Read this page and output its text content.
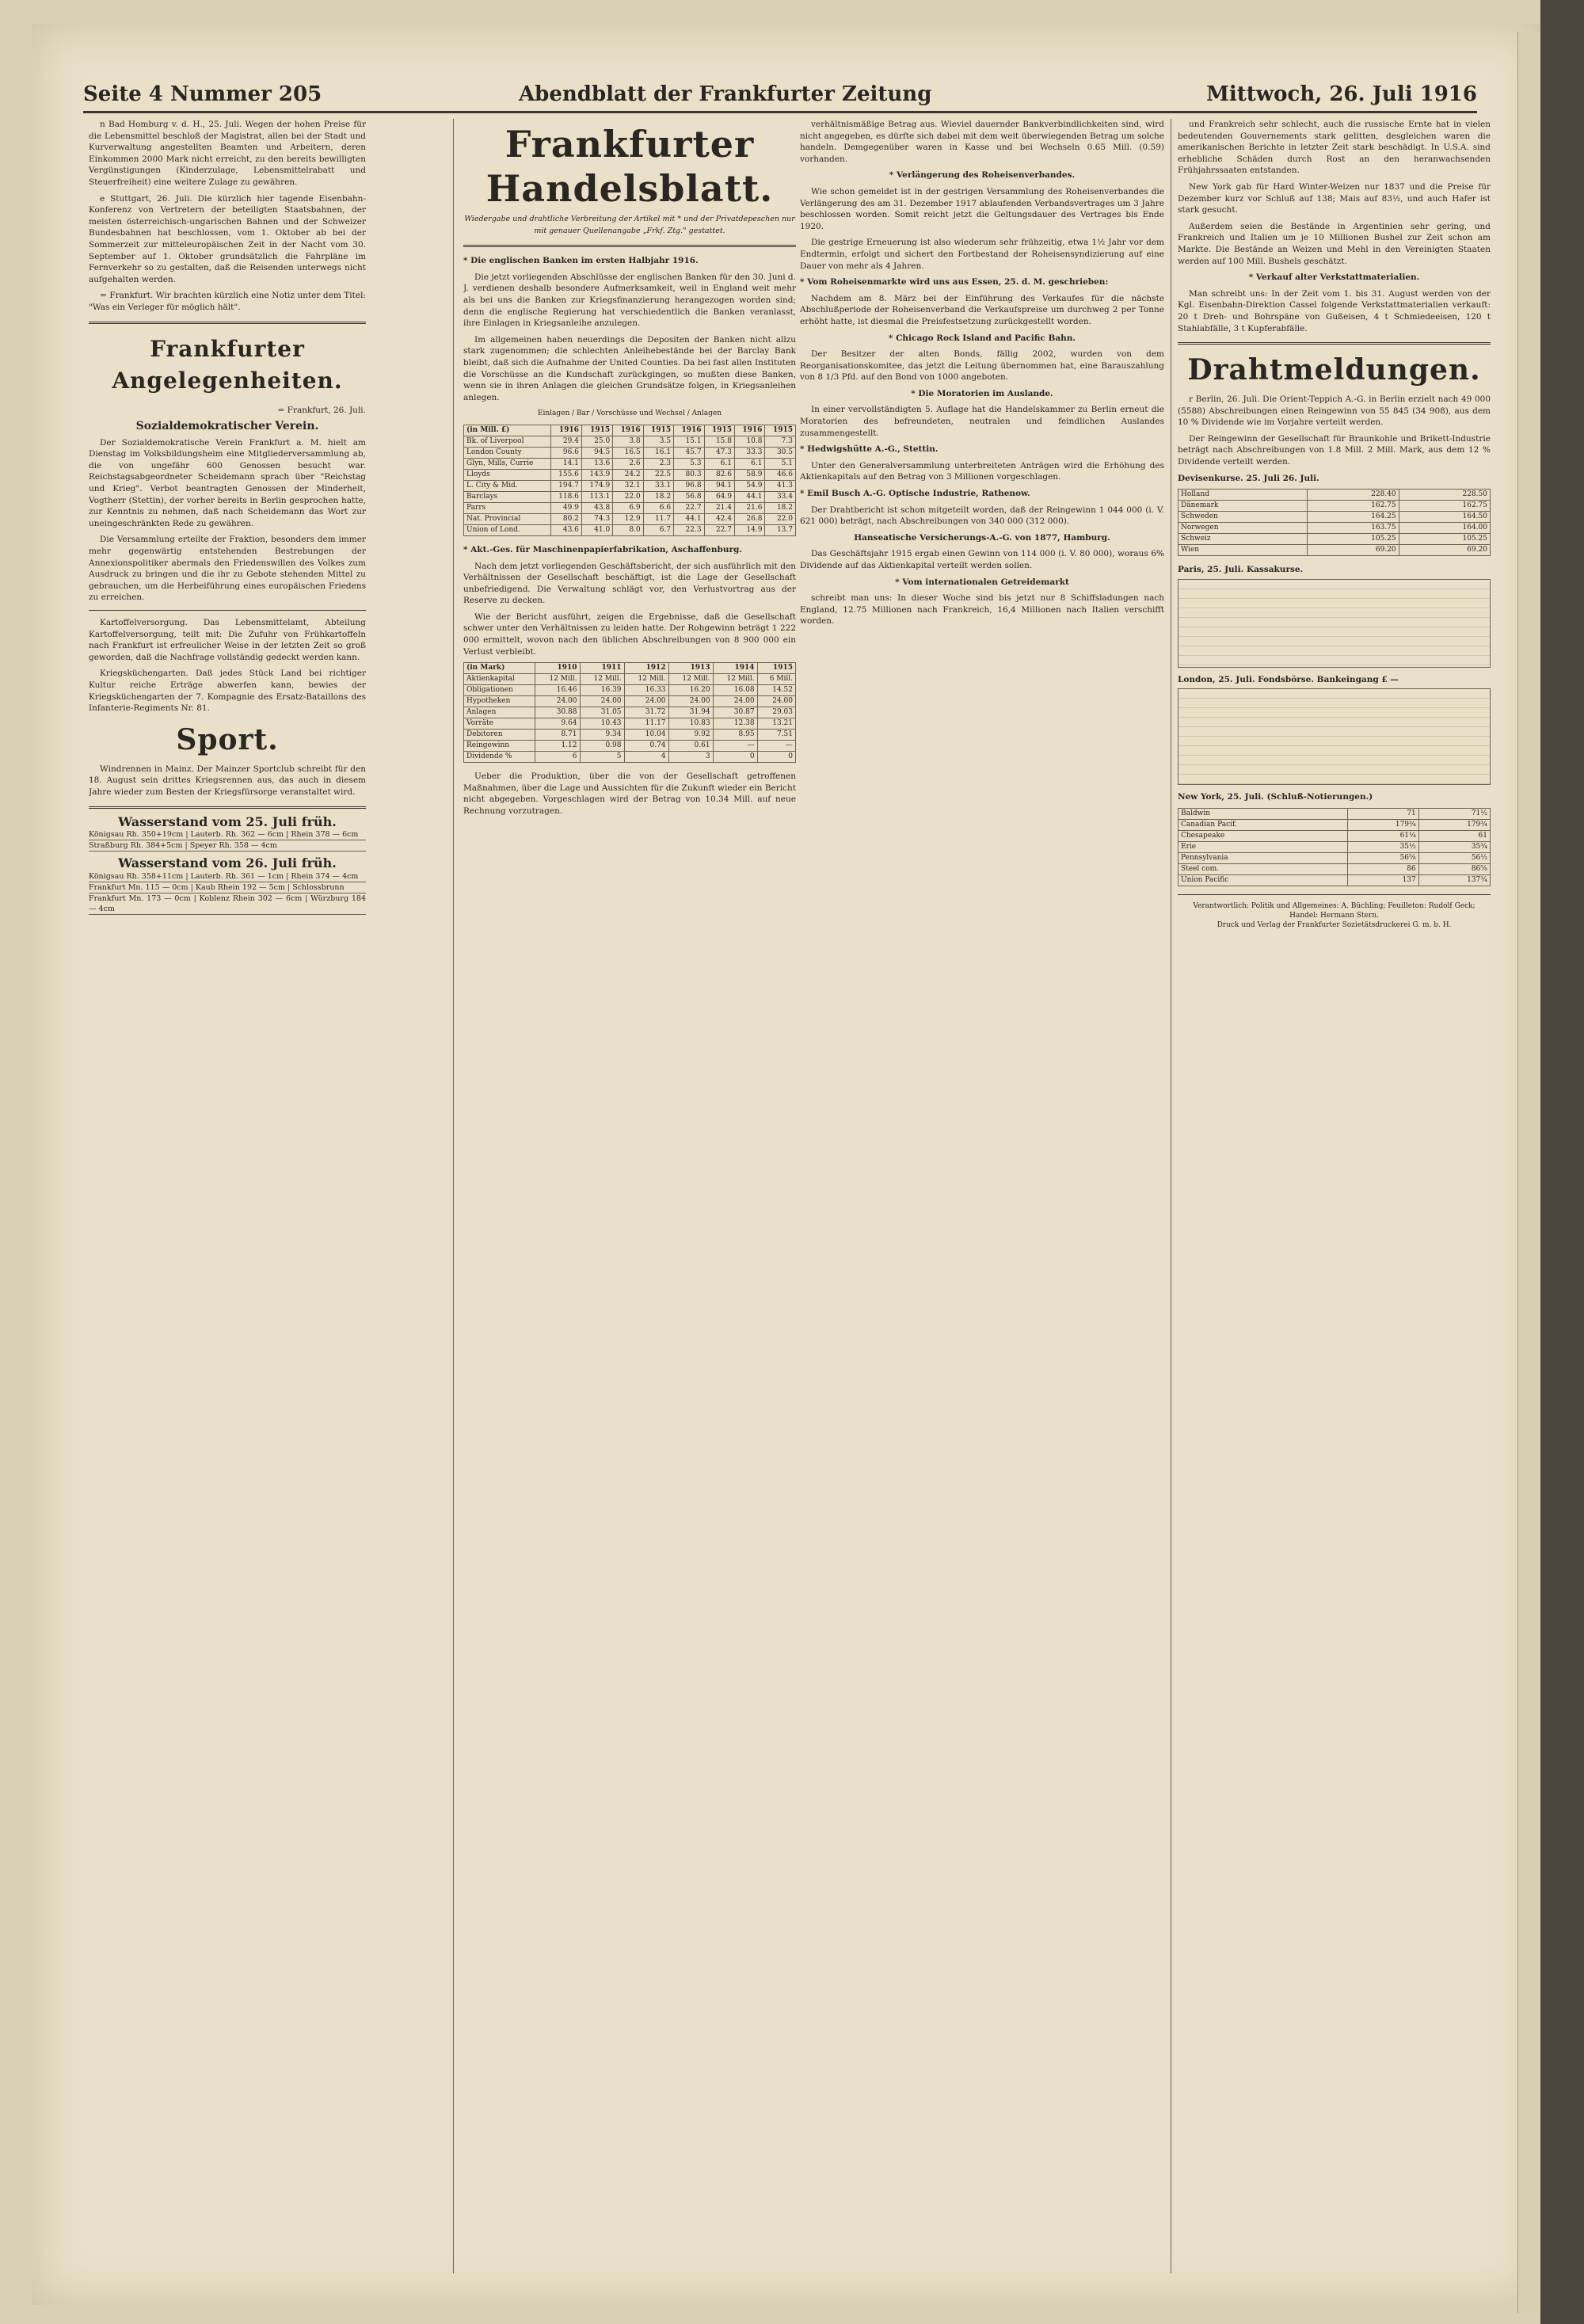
Seite 4 Nummer 205	Abendblatt der Frankfurter Zeitung	Mittwoch, 26. Juli 1916

n Bad Homburg v. d. H., 25. Juli. Wegen der hohen Preise für die Lebensmittel beschloß der Magistrat, allen bei der Stadt und Kurverwaltung angestellten Beamten und Arbeitern, deren Einkommen 2000 Mark nicht erreicht, zu den bereits bewilligten Vergünstigungen (Kinderzulage, Lebensmittelrabatt und Steuerfreiheit) eine weitere Zulage zu gewähren.

e Stuttgart, 26. Juli. Die kürzlich hier tagende Eisenbahn-Konferenz von Vertretern der beteiligten Staatsbahnen, der meisten österreichisch-ungarischen Bahnen und der Schweizer Bundesbahnen hat beschlossen, vom 1. Oktober ab bei der Sommerzeit zur mitteleuropäischen Zeit in der Nacht vom 30. September auf 1. Oktober grundsätzlich die Fahrpläne im Fernverkehr so zu gestalten, daß die Reisenden unterwegs nicht aufgehalten werden.

= Frankfurt. Wir brachten kürzlich eine Notiz unter dem Titel: "Was ein Verleger für möglich hält".

Frankfurter Angelegenheiten.
= Frankfurt, 26. Juli.
Sozialdemokratischer Verein.

Der Sozialdemokratische Verein Frankfurt a. M. hielt am Dienstag im Volksbildungsheim eine Mitgliederversammlung ab, die von ungefähr 600 Genossen besucht war. Reichstagsabgeordneter Scheidemann sprach über "Reichstag und Krieg". Verbot beantragten Genossen der Minderheit, Vogtherr (Stettin), der vorher bereits in Berlin gesprochen hatte, zur Kenntnis zu nehmen, daß nach Scheidemann das Wort zur uneingeschränkten Rede zu gewähren.

Die Versammlung erteilte der Fraktion, besonders dem immer mehr gegenwärtig entstehenden Bestrebungen der Annexionspolitiker abermals den Friedenswillen des Volkes zum Ausdruck zu bringen und die ihr zu Gebote stehenden Mittel zu gebrauchen, um die Herbeiführung eines europäischen Friedens zu erreichen.

Kartoffelversorgung. Das Lebensmittelamt, Abteilung Kartoffelversorgung, teilt mit: Die Zufuhr von Frühkartoffeln nach Frankfurt ist erfreulicher Weise in der letzten Zeit so groß geworden, daß die Nachfrage vollständig gedeckt werden kann.

Kriegsküchengarten. Daß jedes Stück Land bei richtiger Kultur reiche Erträge abwerfen kann, bewies der Kriegsküchengarten der 7. Kompagnie des Ersatz-Bataillons des Infanterie-Regiments Nr. 81.

Sport.

Windrennen in Mainz. Der Mainzer Sportclub schreibt für den 18. August sein drittes Kriegsrennen aus, das auch in diesem Jahre wieder zum Besten der Kriegsfürsorge veranstaltet wird.

Wasserstand vom 25. Juli früh.
Königsau Rh. 350+19cm | Lauterb. Rh. 362 — 6cm | Rhein 378 — 6cm
Straßburg Rh. 384+5cm | Speyer Rh. 358 — 4cm
Wasserstand vom 26. Juli früh.
Königsau Rh. 358+11cm | Lauterb. Rh. 361 — 1cm | Rhein 374 — 4cm
Frankfurt Mn. 115 — 0cm | Kaub Rhein 192 — 5cm | Schlossbrunn
Frankfurt Mn. 173 — 0cm | Koblenz Rhein 302 — 6cm | Würzburg 184 — 4cm
Frankfurter Handelsblatt.
Wiedergabe und drahtliche Verbreitung der Artikel mit * und der Privatdepeschen nur mit genauer Quellenangabe „Frkf. Ztg." gestattet.

* Die englischen Banken im ersten Halbjahr 1916.

Die jetzt vorliegenden Abschlüsse der englischen Banken für den 30. Juni d. J. verdienen deshalb besondere Aufmerksamkeit, weil in England weit mehr als bei uns die Banken zur Kriegsfinanzierung herangezogen worden sind; denn die englische Regierung hat verschiedentlich die Banken veranlasst, ihre Einlagen in Kriegsanleihe anzulegen.

Im allgemeinen haben neuerdings die Depositen der Banken nicht allzu stark zugenommen; die schlechten Anleihebestände bei der Barclay Bank bleibt, daß sich die Aufnahme der United Counties. Da bei fast allen Instituten die Vorschüsse an die Kundschaft zurückgingen, so mußten diese Banken, wenn sie in ihren Anlagen die gleichen Grundsätze folgen, in Kriegsanleihen anlegen.

Einlagen / Bar / Vorschüsse und Wechsel / Anlagen
(in Mill. £)	1916	1915	1916	1915	1916	1915	1916	1915
Bk. of Liverpool	29.4	25.0	3.8	3.5	15.1	15.8	10.8	7.3
London County	96.6	94.5	16.5	16.1	45.7	47.3	33.3	30.5
Glyn, Mills, Currie	14.1	13.6	2.6	2.3	5.3	6.1	6.1	5.1
Lloyds	155.6	143.9	24.2	22.5	80.3	82.6	58.9	46.6
L. City & Mid.	194.7	174.9	32.1	33.1	96.8	94.1	54.9	41.3
Barclays	118.6	113.1	22.0	18.2	56.8	64.9	44.1	33.4
Parrs	49.9	43.8	6.9	6.6	22.7	21.4	21.6	18.2
Nat. Provincial	80.2	74.3	12.9	11.7	44.1	42.4	26.8	22.0
Union of Lond.	43.6	41.0	8.0	6.7	22.3	22.7	14.9	13.7

* Akt.-Ges. für Maschinenpapierfabrikation, Aschaffenburg.

Nach dem jetzt vorliegenden Geschäftsbericht, der sich ausführlich mit den Verhältnissen der Gesellschaft beschäftigt, ist die Lage der Gesellschaft unbefriedigend. Die Verwaltung schlägt vor, den Verlustvortrag aus der Reserve zu decken.

Wie der Bericht ausführt, zeigen die Ergebnisse, daß die Gesellschaft schwer unter den Verhältnissen zu leiden hatte. Der Rohgewinn beträgt 1 222 000 ermittelt, wovon nach den üblichen Abschreibungen von 8 900 000 ein Verlust verbleibt.

(in Mark)	1910	1911	1912	1913	1914	1915
Aktienkapital	12 Mill.	12 Mill.	12 Mill.	12 Mill.	12 Mill.	6 Mill.
Obligationen	16.46	16.39	16.33	16.20	16.08	14.52
Hypotheken	24.00	24.00	24.00	24.00	24.00	24.00
Anlagen	30.88	31.05	31.72	31.94	30.87	29.03
Vorräte	9.64	10.43	11.17	10.83	12.38	13.21
Debitoren	8.71	9.34	10.04	9.92	8.95	7.51
Reingewinn	1.12	0.98	0.74	0.61	—	—
Dividende %	6	5	4	3	0	0

Ueber die Produktion, über die von der Gesellschaft getroffenen Maßnahmen, über die Lage und Aussichten für die Zukunft wieder ein Bericht nicht abgegeben. Vorgeschlagen wird der Betrag von 10.34 Mill. auf neue Rechnung vorzutragen.

verhältnismäßige Betrag aus. Wieviel dauernder Bankverbindlichkeiten sind, wird nicht angegeben, es dürfte sich dabei mit dem weit überwiegenden Betrag um solche handeln. Demgegenüber waren in Kasse und bei Wechseln 0.65 Mill. (0.59) vorhanden.

* Verlängerung des Roheisenverbandes.

Wie schon gemeldet ist in der gestrigen Versammlung des Roheisenverbandes die Verlängerung des am 31. Dezember 1917 ablaufenden Verbandsvertrages um 3 Jahre beschlossen worden. Somit reicht jetzt die Geltungsdauer des Vertrages bis Ende 1920.

Die gestrige Erneuerung ist also wiederum sehr frühzeitig, etwa 1½ Jahr vor dem Endtermin, erfolgt und sichert den Fortbestand der Roheisensyndizierung auf eine Dauer von mehr als 4 Jahren.

* Vom Roheisenmarkte wird uns aus Essen, 25. d. M. geschrieben:

Nachdem am 8. März bei der Einführung des Verkaufes für die nächste Abschlußperiode der Roheisenverband die Verkaufspreise um durchweg 2 per Tonne erhöht hatte, ist diesmal die Preisfestsetzung zurückgestellt worden.

* Chicago Rock Island and Pacific Bahn.

Der Besitzer der alten Bonds, fällig 2002, wurden von dem Reorganisationskomitee, das jetzt die Leitung übernommen hat, eine Barauszahlung von 8 1/3 Pfd. auf den Bond von 1000 angeboten.

* Die Moratorien im Auslande.

In einer vervollständigten 5. Auflage hat die Handelskammer zu Berlin erneut die Moratorien des befreundeten, neutralen und feindlichen Auslandes zusammengestellt.

* Hedwigshütte A.-G., Stettin.

Unter den Generalversammlung unterbreiteten Anträgen wird die Erhöhung des Aktienkapitals auf den Betrag von 3 Millionen vorgeschlagen.

* Emil Busch A.-G. Optische Industrie, Rathenow.

Der Drahtbericht ist schon mitgeteilt worden, daß der Reingewinn 1 044 000 (i. V. 621 000) beträgt, nach Abschreibungen von 340 000 (312 000).

Hanseatische Versicherungs-A.-G. von 1877, Hamburg.

Das Geschäftsjahr 1915 ergab einen Gewinn von 114 000 (i. V. 80 000), woraus 6% Dividende auf das Aktienkapital verteilt werden sollen.

* Vom internationalen Getreidemarkt

schreibt man uns: In dieser Woche sind bis jetzt nur 8 Schiffsladungen nach England, 12.75 Millionen nach Frankreich, 16,4 Millionen nach Italien verschifft worden.

und Frankreich sehr schlecht, auch die russische Ernte hat in vielen bedeutenden Gouvernements stark gelitten, desgleichen waren die amerikanischen Berichte in letzter Zeit stark beschädigt. In U.S.A. sind erhebliche Schäden durch Rost an den heranwachsenden Frühjahrssaaten entstanden.

New York gab für Hard Winter-Weizen nur 1837 und die Preise für Dezember kurz vor Schluß auf 138; Mais auf 83½, und auch Hafer ist stark gesucht.

Außerdem seien die Bestände in Argentinien sehr gering, und Frankreich und Italien um je 10 Millionen Bushel zur Zeit schon am Markte. Die Bestände an Weizen und Mehl in den Vereinigten Staaten werden auf 100 Mill. Bushels geschätzt.

* Verkauf alter Verkstattmaterialien.

Man schreibt uns: In der Zeit vom 1. bis 31. August werden von der Kgl. Eisenbahn-Direktion Cassel folgende Verkstattmaterialien verkauft: 20 t Dreh- und Bohrspäne von Gußeisen, 4 t Schmiedeeisen, 120 t Stahlabfälle, 3 t Kupferabfälle.

Drahtmeldungen.

r Berlin, 26. Juli. Die Orient-Teppich A.-G. in Berlin erzielt nach 49 000 (5588) Abschreibungen einen Reingewinn von 55 845 (34 908), aus dem 10 % Dividende wie im Vorjahre verteilt werden.

Der Reingewinn der Gesellschaft für Braunkohle und Brikett-Industrie beträgt nach Abschreibungen von 1.8 Mill. 2 Mill. Mark, aus dem 12 % Dividende verteilt werden.

Devisenkurse. 25. Juli 26. Juli.
Holland	228.40	228.50
Dänemark	162.75	162.75
Schweden	164.25	164.50
Norwegen	163.75	164.00
Schweiz	105.25	105.25
Wien	69.20	69.20
Paris, 25. Juli. Kassakurse.
London, 25. Juli. Fondsbörse. Bankeingang £ —
New York, 25. Juli. (Schluß-Notierungen.)
Baldwin	71	71½
Canadian Pacif.	179¾	179¾
Chesapeake	61¼	61
Erie	35½	35¾
Pennsylvania	56⅝	56½
Steel com.	86	86⅝
Union Pacific	137	137¾
Verantwortlich: Politik und Allgemeines: A. Büchling; Feuilleton: Rudolf Geck; Handel: Hermann Stern.
Druck und Verlag der Frankfurter Sozietätsdruckerei G. m. b. H.
